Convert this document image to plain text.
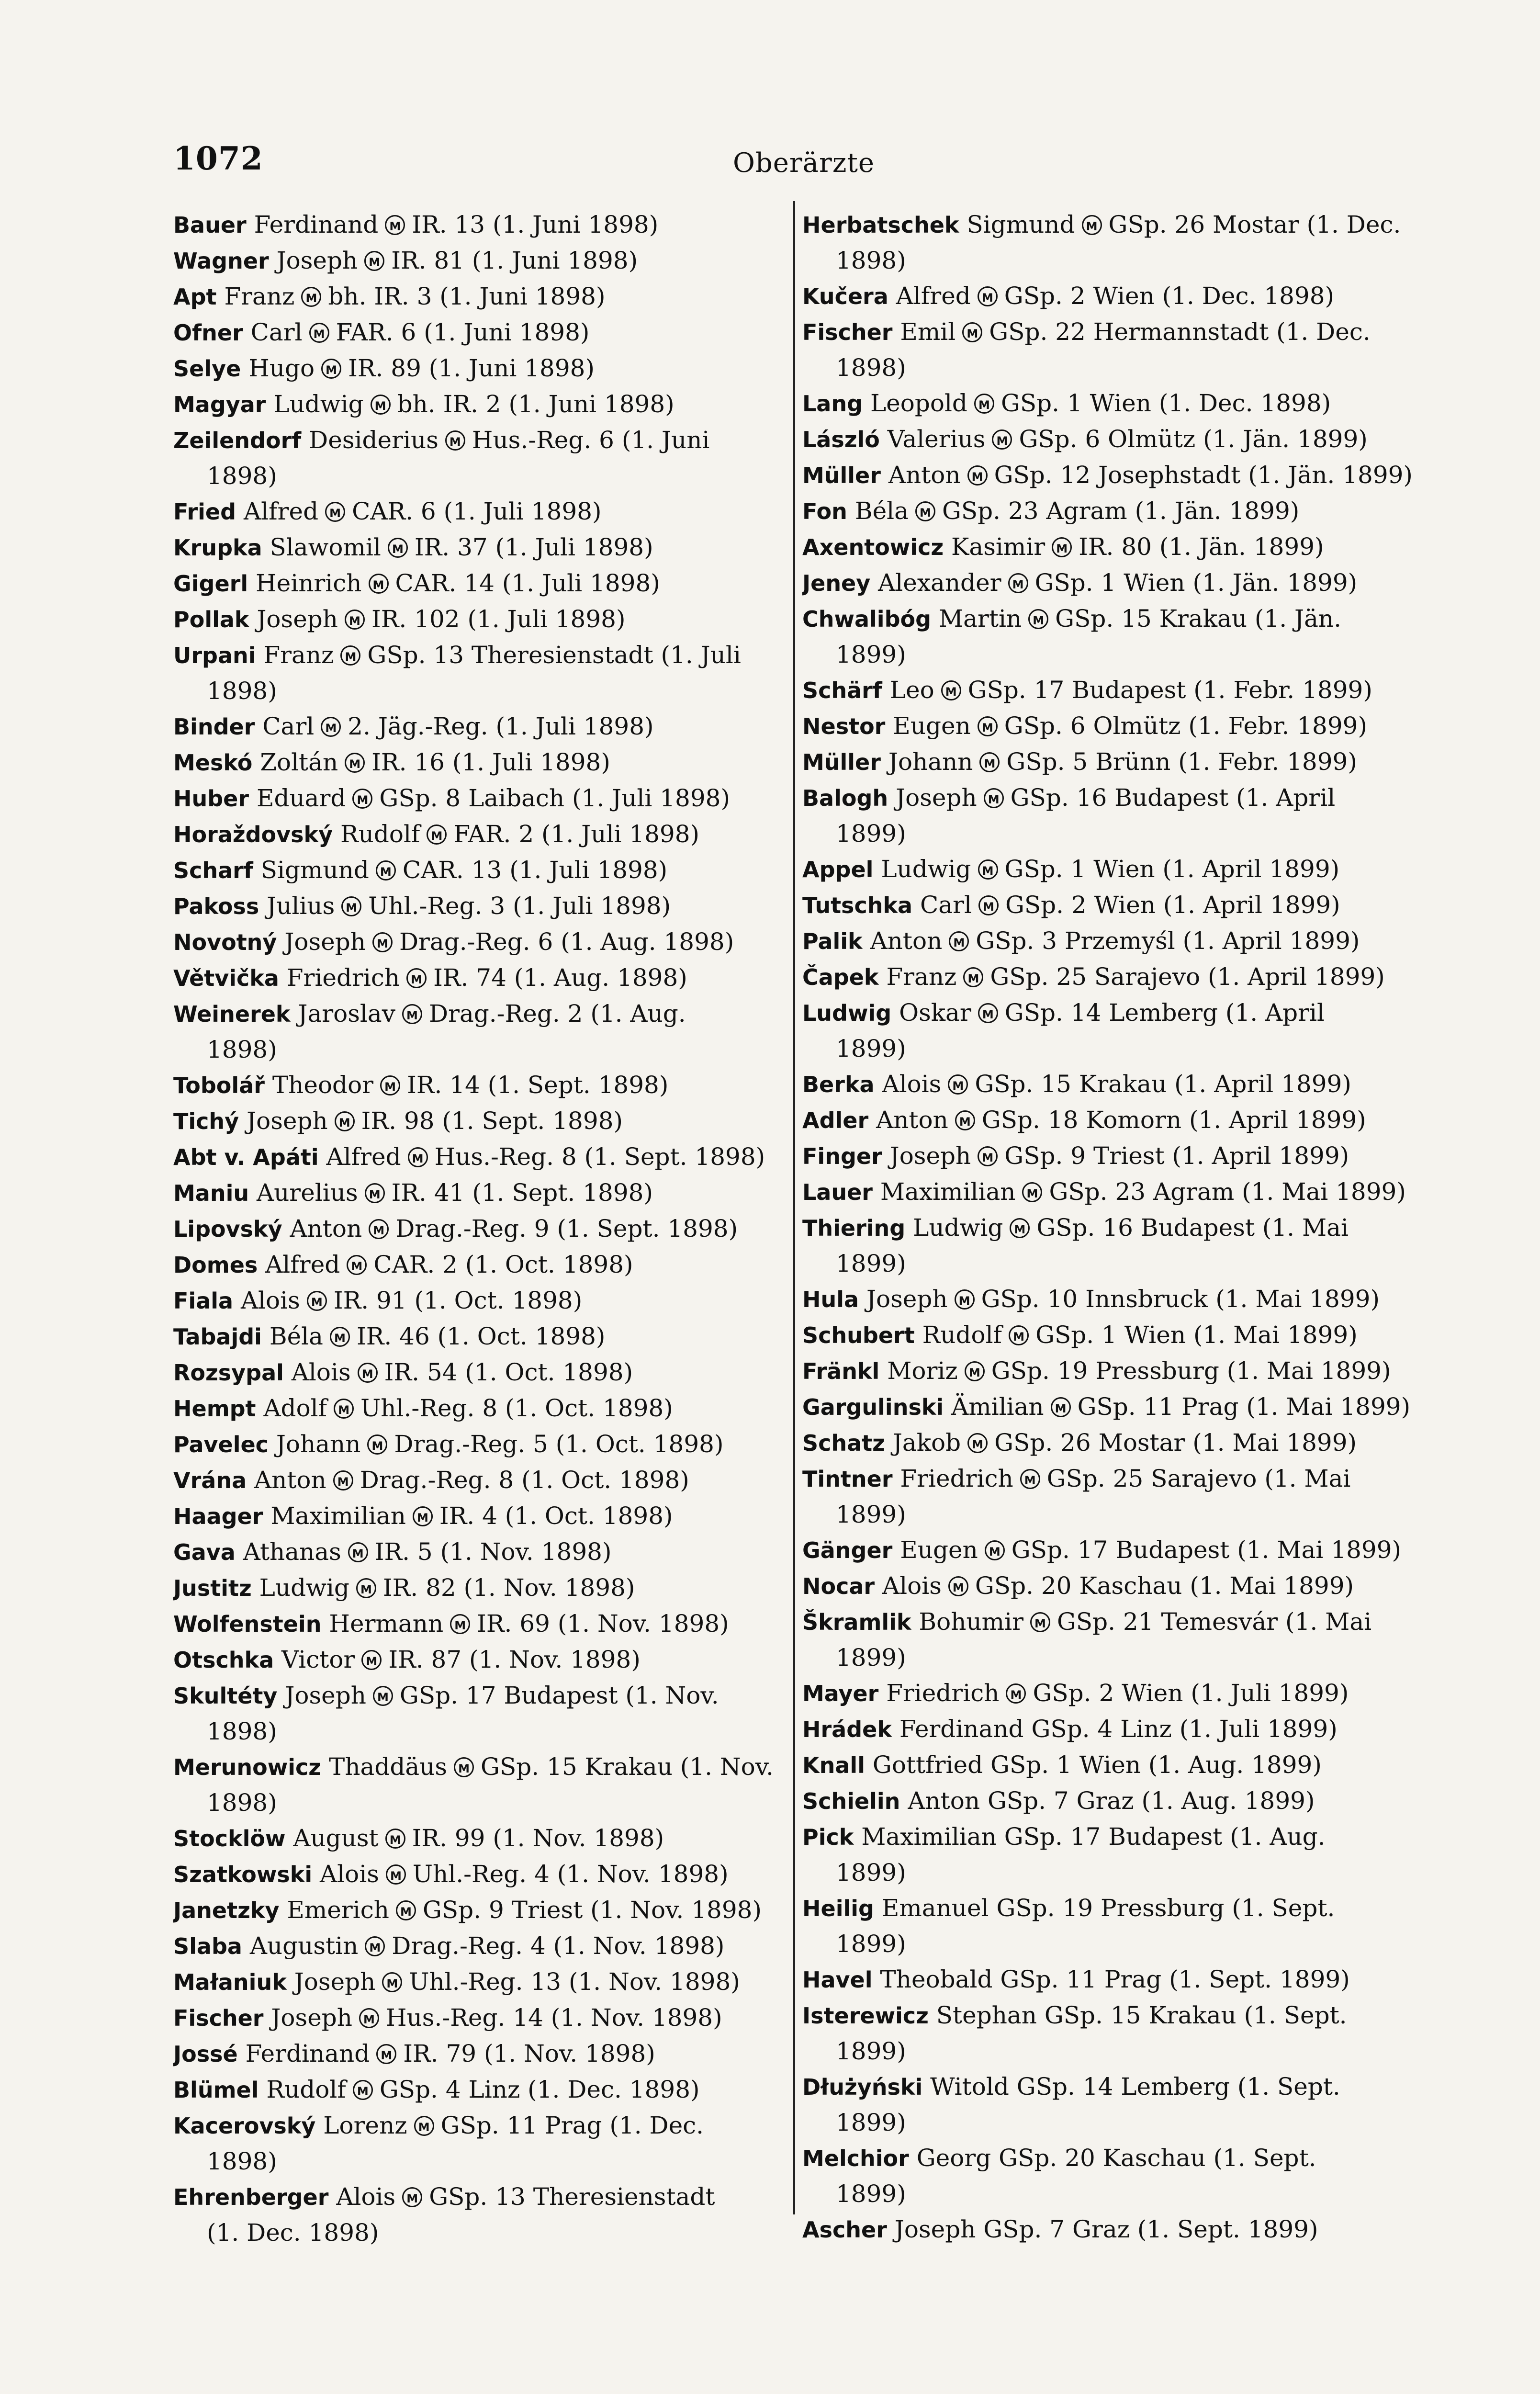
1072	Oberärzte
Bauer Ferdinand M IR. 13 (1. Juni 1898)
Wagner Joseph M IR. 81 (1. Juni 1898)
Apt Franz M bh. IR. 3 (1. Juni 1898)
Ofner Carl M FAR. 6 (1. Juni 1898)
Selye Hugo M IR. 89 (1. Juni 1898)
Magyar Ludwig M bh. IR. 2 (1. Juni 1898)
Zeilendorf Desiderius M Hus.-Reg. 6 (1. Juni
1898)
Fried Alfred M CAR. 6 (1. Juli 1898)
Krupka Slawomil M IR. 37 (1. Juli 1898)
Gigerl Heinrich M CAR. 14 (1. Juli 1898)
Pollak Joseph M IR. 102 (1. Juli 1898)
Urpani Franz M GSp. 13 Theresienstadt (1. Juli
1898)
Binder Carl M 2. Jäg.-Reg. (1. Juli 1898)
Meskó Zoltán M IR. 16 (1. Juli 1898)
Huber Eduard M GSp. 8 Laibach (1. Juli 1898)
Horaždovský Rudolf M FAR. 2 (1. Juli 1898)
Scharf Sigmund M CAR. 13 (1. Juli 1898)
Pakoss Julius M Uhl.-Reg. 3 (1. Juli 1898)
Novotný Joseph M Drag.-Reg. 6 (1. Aug. 1898)
Větvička Friedrich M IR. 74 (1. Aug. 1898)
Weinerek Jaroslav M Drag.-Reg. 2 (1. Aug.
1898)
Tobolář Theodor M IR. 14 (1. Sept. 1898)
Tichý Joseph M IR. 98 (1. Sept. 1898)
Abt v. Apáti Alfred M Hus.-Reg. 8 (1. Sept. 1898)
Maniu Aurelius M IR. 41 (1. Sept. 1898)
Lipovský Anton M Drag.-Reg. 9 (1. Sept. 1898)
Domes Alfred M CAR. 2 (1. Oct. 1898)
Fiala Alois M IR. 91 (1. Oct. 1898)
Tabajdi Béla M IR. 46 (1. Oct. 1898)
Rozsypal Alois M IR. 54 (1. Oct. 1898)
Hempt Adolf M Uhl.-Reg. 8 (1. Oct. 1898)
Pavelec Johann M Drag.-Reg. 5 (1. Oct. 1898)
Vrána Anton M Drag.-Reg. 8 (1. Oct. 1898)
Haager Maximilian M IR. 4 (1. Oct. 1898)
Gava Athanas M IR. 5 (1. Nov. 1898)
Justitz Ludwig M IR. 82 (1. Nov. 1898)
Wolfenstein Hermann M IR. 69 (1. Nov. 1898)
Otschka Victor M IR. 87 (1. Nov. 1898)
Skultéty Joseph M GSp. 17 Budapest (1. Nov.
1898)
Merunowicz Thaddäus M GSp. 15 Krakau (1. Nov.
1898)
Stocklöw August M IR. 99 (1. Nov. 1898)
Szatkowski Alois M Uhl.-Reg. 4 (1. Nov. 1898)
Janetzky Emerich M GSp. 9 Triest (1. Nov. 1898)
Slaba Augustin M Drag.-Reg. 4 (1. Nov. 1898)
Małaniuk Joseph M Uhl.-Reg. 13 (1. Nov. 1898)
Fischer Joseph M Hus.-Reg. 14 (1. Nov. 1898)
Jossé Ferdinand M IR. 79 (1. Nov. 1898)
Blümel Rudolf M GSp. 4 Linz (1. Dec. 1898)
Kacerovský Lorenz M GSp. 11 Prag (1. Dec.
1898)
Ehrenberger Alois M GSp. 13 Theresienstadt
(1. Dec. 1898)
Herbatschek Sigmund M GSp. 26 Mostar (1. Dec.
1898)
Kučera Alfred M GSp. 2 Wien (1. Dec. 1898)
Fischer Emil M GSp. 22 Hermannstadt (1. Dec.
1898)
Lang Leopold M GSp. 1 Wien (1. Dec. 1898)
László Valerius M GSp. 6 Olmütz (1. Jän. 1899)
Müller Anton M GSp. 12 Josephstadt (1. Jän. 1899)
Fon Béla M GSp. 23 Agram (1. Jän. 1899)
Axentowicz Kasimir M IR. 80 (1. Jän. 1899)
Jeney Alexander M GSp. 1 Wien (1. Jän. 1899)
Chwalibóg Martin M GSp. 15 Krakau (1. Jän.
1899)
Schärf Leo M GSp. 17 Budapest (1. Febr. 1899)
Nestor Eugen M GSp. 6 Olmütz (1. Febr. 1899)
Müller Johann M GSp. 5 Brünn (1. Febr. 1899)
Balogh Joseph M GSp. 16 Budapest (1. April
1899)
Appel Ludwig M GSp. 1 Wien (1. April 1899)
Tutschka Carl M GSp. 2 Wien (1. April 1899)
Palik Anton M GSp. 3 Przemyśl (1. April 1899)
Čapek Franz M GSp. 25 Sarajevo (1. April 1899)
Ludwig Oskar M GSp. 14 Lemberg (1. April
1899)
Berka Alois M GSp. 15 Krakau (1. April 1899)
Adler Anton M GSp. 18 Komorn (1. April 1899)
Finger Joseph M GSp. 9 Triest (1. April 1899)
Lauer Maximilian M GSp. 23 Agram (1. Mai 1899)
Thiering Ludwig M GSp. 16 Budapest (1. Mai
1899)
Hula Joseph M GSp. 10 Innsbruck (1. Mai 1899)
Schubert Rudolf M GSp. 1 Wien (1. Mai 1899)
Fränkl Moriz M GSp. 19 Pressburg (1. Mai 1899)
Gargulinski Ämilian M GSp. 11 Prag (1. Mai 1899)
Schatz Jakob M GSp. 26 Mostar (1. Mai 1899)
Tintner Friedrich M GSp. 25 Sarajevo (1. Mai
1899)
Gänger Eugen M GSp. 17 Budapest (1. Mai 1899)
Nocar Alois M GSp. 20 Kaschau (1. Mai 1899)
Škramlik Bohumir M GSp. 21 Temesvár (1. Mai
1899)
Mayer Friedrich M GSp. 2 Wien (1. Juli 1899)
Hrádek Ferdinand GSp. 4 Linz (1. Juli 1899)
Knall Gottfried GSp. 1 Wien (1. Aug. 1899)
Schielin Anton GSp. 7 Graz (1. Aug. 1899)
Pick Maximilian GSp. 17 Budapest (1. Aug.
1899)
Heilig Emanuel GSp. 19 Pressburg (1. Sept.
1899)
Havel Theobald GSp. 11 Prag (1. Sept. 1899)
Isterewicz Stephan GSp. 15 Krakau (1. Sept.
1899)
Dłużyński Witold GSp. 14 Lemberg (1. Sept.
1899)
Melchior Georg GSp. 20 Kaschau (1. Sept.
1899)
Ascher Joseph GSp. 7 Graz (1. Sept. 1899)
